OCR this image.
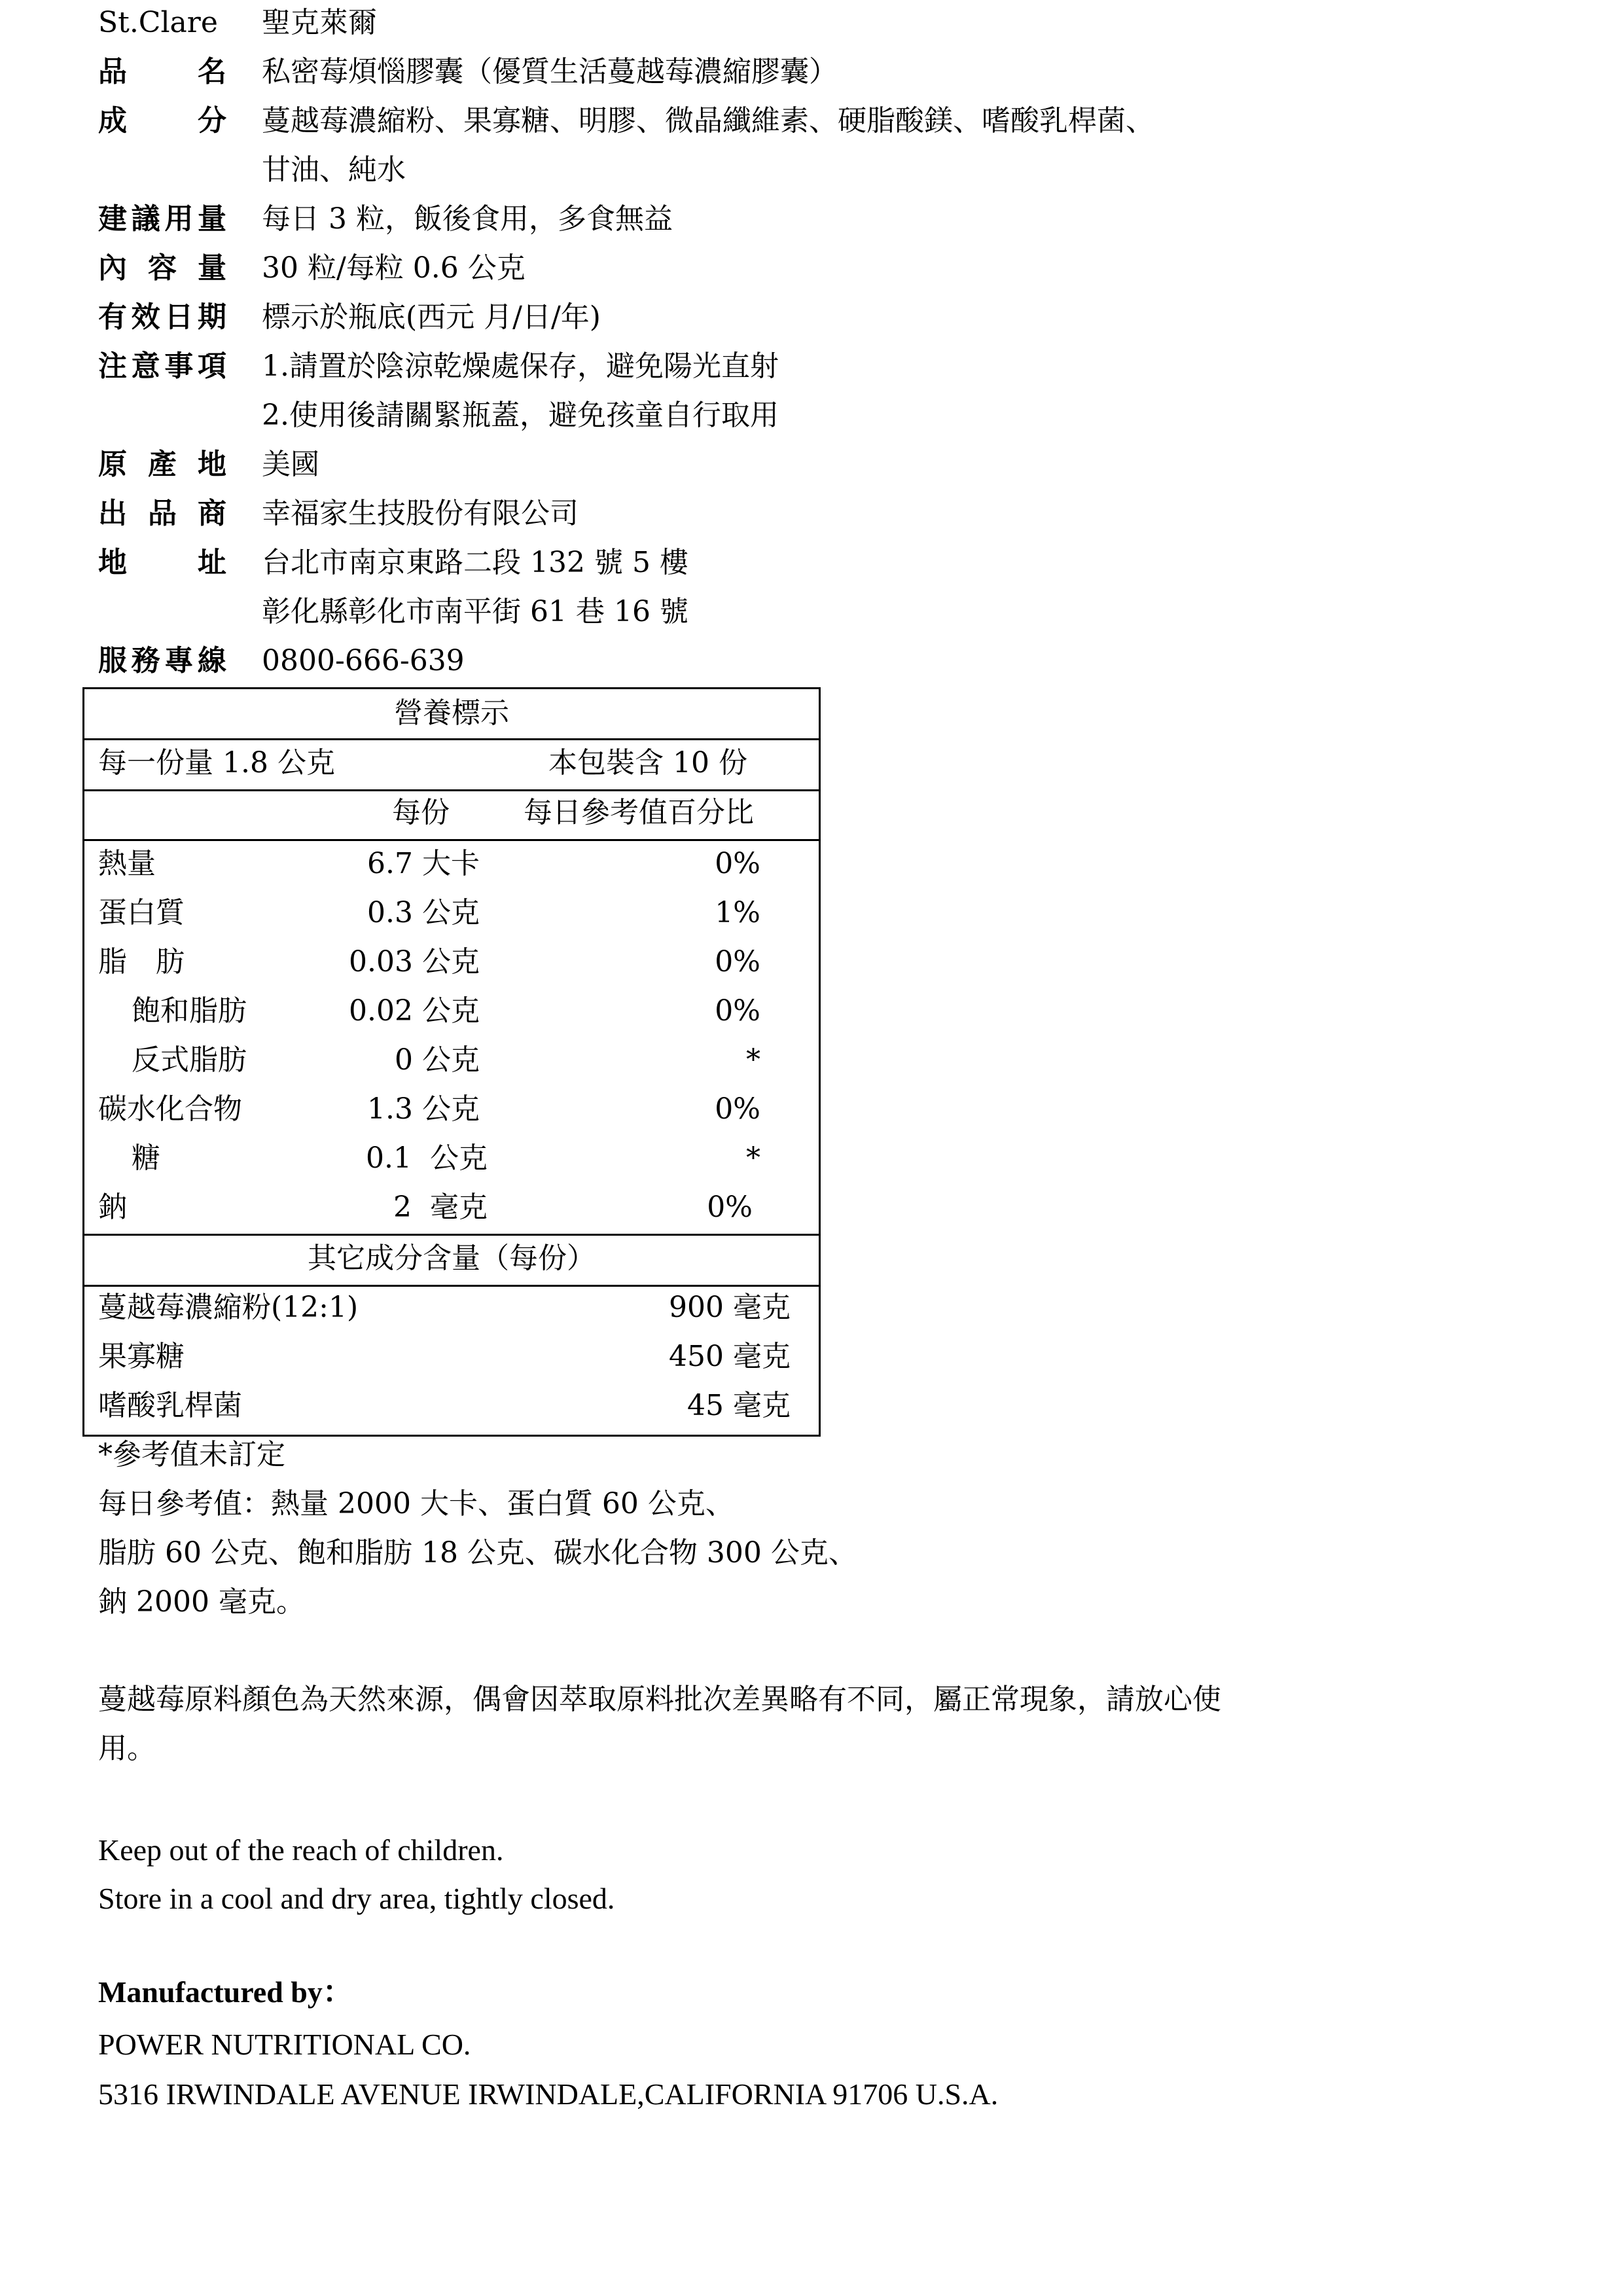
St.Clare 聖克萊爾
品名 私密莓煩惱膠囊（優質生活蔓越莓濃縮膠囊）
成分 蔓越莓濃縮粉、果寡糖、明膠、微晶纖維素、硬脂酸鎂、嗜酸乳桿菌、
甘油、純水
建議用量 每日 3 粒，飯後食用，多食無益
內容量 30 粒/每粒 0.6 公克
有效日期 標示於瓶底(西元 月/日/年)
注意事項 1.請置於陰涼乾燥處保存，避免陽光直射
2.使用後請關緊瓶蓋，避免孩童自行取用
原產地 美國
出品商 幸福家生技股份有限公司
地址 台北市南京東路二段 132 號 5 樓
彰化縣彰化市南平街 61 巷 16 號
服務專線 0800-666-639
營養標示
每一份量 1.8 公克	本包裝含 10 份
每份	每日參考值百分比
熱量	6.7 大卡	0%
蛋白質	0.3 公克	1%
脂　肪	0.03 公克	0%
飽和脂肪	0.02 公克	0%
反式脂肪	0 公克	*
碳水化合物	1.3 公克	0%
糖	0.1  公克	*
鈉	2  毫克	0%
其它成分含量（每份）
蔓越莓濃縮粉(12:1)	900 毫克
果寡糖	450 毫克
嗜酸乳桿菌	45 毫克
*參考值未訂定
每日參考值：熱量 2000 大卡、蛋白質 60 公克、
脂肪 60 公克、飽和脂肪 18 公克、碳水化合物 300 公克、
鈉 2000 毫克。
蔓越莓原料顏色為天然來源，偶會因萃取原料批次差異略有不同，屬正常現象，請放心使
用。
Keep out of the reach of children.
Store in a cool and dry area, tightly closed.
Manufactured by：
POWER NUTRITIONAL CO.
5316 IRWINDALE AVENUE IRWINDALE,CALIFORNIA 91706 U.S.A.
